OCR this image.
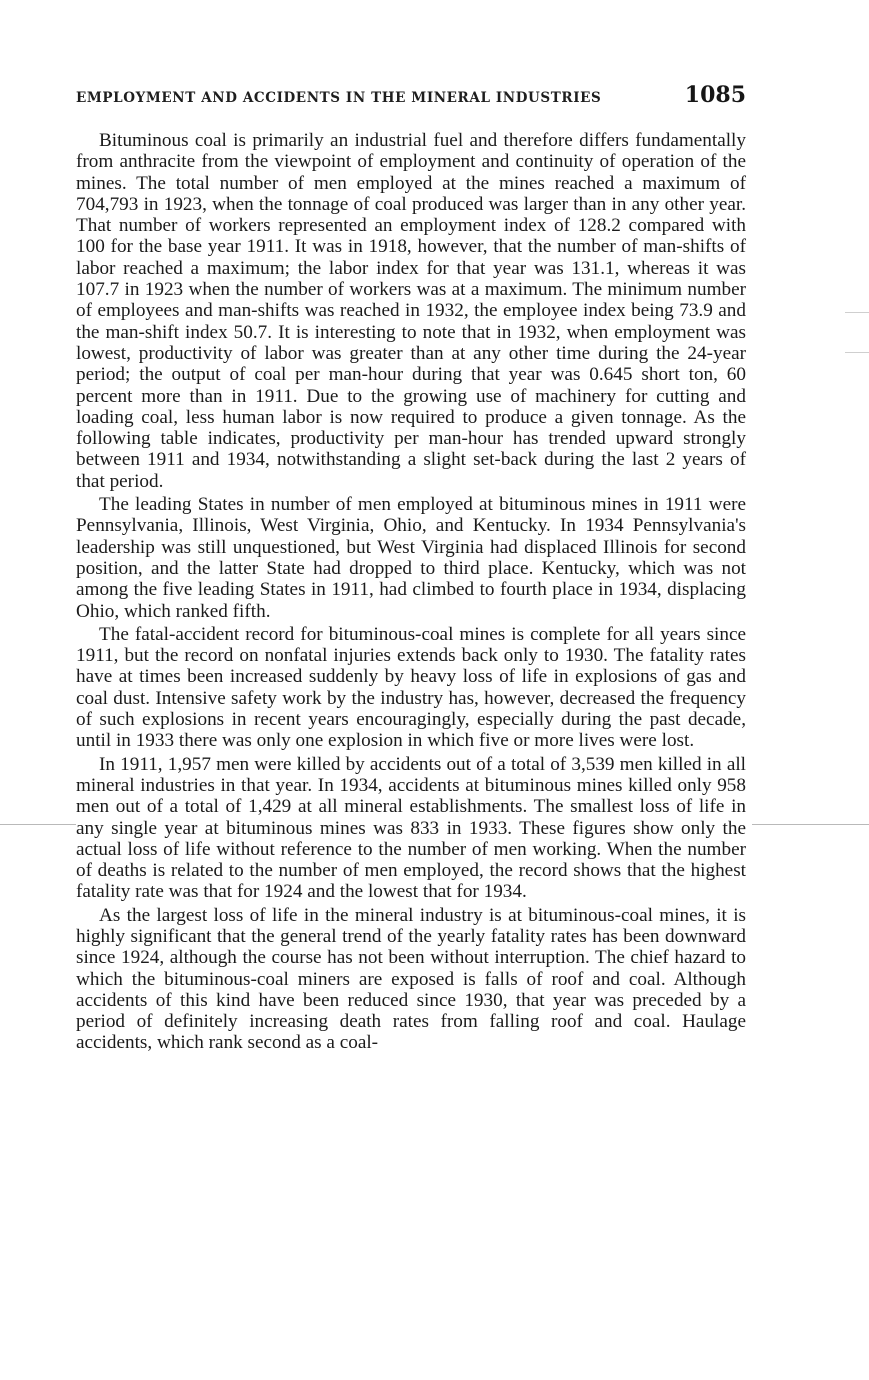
EMPLOYMENT AND ACCIDENTS IN THE MINERAL INDUSTRIES	1085

Bituminous coal is primarily an industrial fuel and therefore differs fundamentally from anthracite from the viewpoint of employment and continuity of operation of the mines. The total number of men employed at the mines reached a maximum of 704,793 in 1923, when the tonnage of coal produced was larger than in any other year. That number of workers represented an employment index of 128.2 compared with 100 for the base year 1911. It was in 1918, however, that the number of man-shifts of labor reached a maximum; the labor index for that year was 131.1, whereas it was 107.7 in 1923 when the number of workers was at a maximum. The minimum number of employees and man-shifts was reached in 1932, the employee index being 73.9 and the man-shift index 50.7. It is interesting to note that in 1932, when employment was lowest, productivity of labor was greater than at any other time during the 24-year period; the output of coal per man-hour during that year was 0.645 short ton, 60 percent more than in 1911. Due to the growing use of machinery for cutting and loading coal, less human labor is now required to produce a given tonnage. As the following table indicates, productivity per man-hour has trended upward strongly between 1911 and 1934, notwithstanding a slight set-back during the last 2 years of that period.

The leading States in number of men employed at bituminous mines in 1911 were Pennsylvania, Illinois, West Virginia, Ohio, and Kentucky. In 1934 Pennsylvania's leadership was still unquestioned, but West Virginia had displaced Illinois for second position, and the latter State had dropped to third place. Kentucky, which was not among the five leading States in 1911, had climbed to fourth place in 1934, displacing Ohio, which ranked fifth.

The fatal-accident record for bituminous-coal mines is complete for all years since 1911, but the record on nonfatal injuries extends back only to 1930. The fatality rates have at times been increased suddenly by heavy loss of life in explosions of gas and coal dust. Intensive safety work by the industry has, however, decreased the frequency of such explosions in recent years encouragingly, especially during the past decade, until in 1933 there was only one explosion in which five or more lives were lost.

In 1911, 1,957 men were killed by accidents out of a total of 3,539 men killed in all mineral industries in that year. In 1934, accidents at bituminous mines killed only 958 men out of a total of 1,429 at all mineral establishments. The smallest loss of life in any single year at bituminous mines was 833 in 1933. These figures show only the actual loss of life without reference to the number of men working. When the number of deaths is related to the number of men employed, the record shows that the highest fatality rate was that for 1924 and the lowest that for 1934.

As the largest loss of life in the mineral industry is at bituminous-coal mines, it is highly significant that the general trend of the yearly fatality rates has been downward since 1924, although the course has not been without interruption. The chief hazard to which the bituminous-coal miners are exposed is falls of roof and coal. Although accidents of this kind have been reduced since 1930, that year was preceded by a period of definitely increasing death rates from falling roof and coal. Haulage accidents, which rank second as a coal-
